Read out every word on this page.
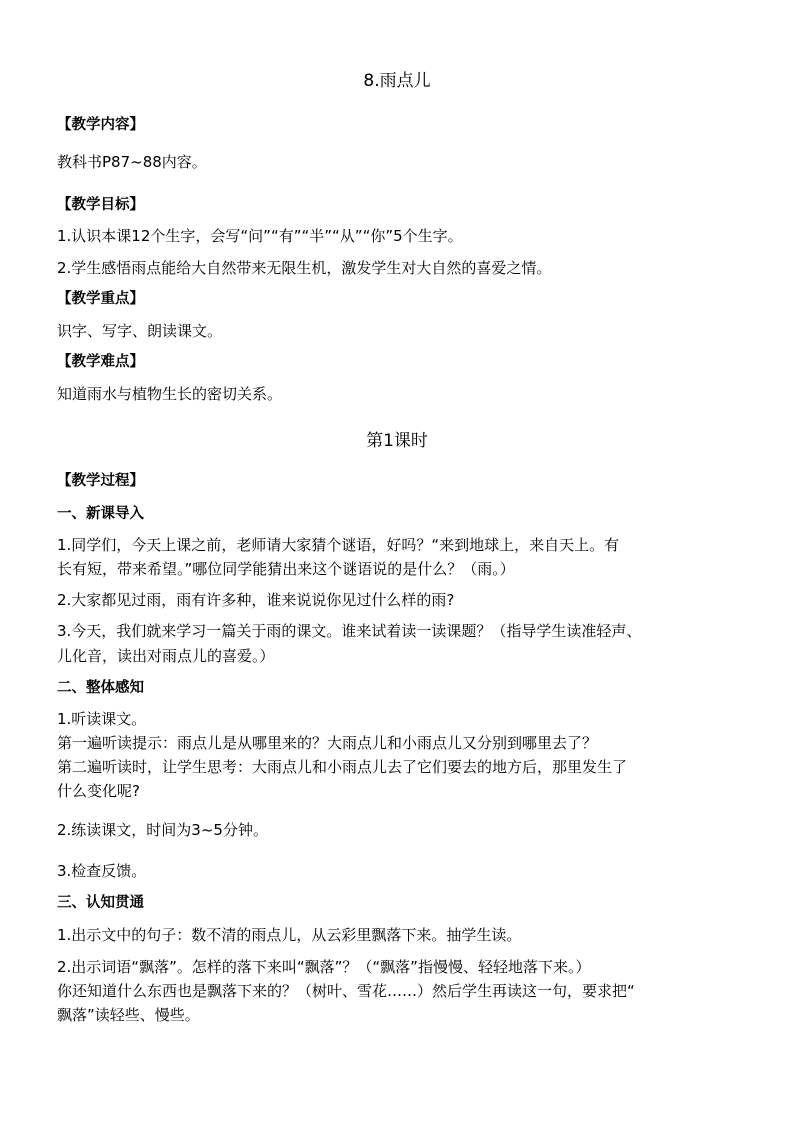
8.雨点儿
【教学内容】
教科书P87~88内容。
【教学目标】
1.认识本课12个生字，会写“问”“有”“半”“从”“你”5个生字。
2.学生感悟雨点能给大自然带来无限生机，激发学生对大自然的喜爱之情。
【教学重点】
识字、写字、朗读课文。
【教学难点】
知道雨水与植物生长的密切关系。
第1课时
【教学过程】
一、新课导入
1.同学们，今天上课之前，老师请大家猜个谜语，好吗？“来到地球上，来自天上。有
长有短，带来希望。”哪位同学能猜出来这个谜语说的是什么？（雨。）
2.大家都见过雨，雨有许多种，谁来说说你见过什么样的雨?
3.今天，我们就来学习一篇关于雨的课文。谁来试着读一读课题？（指导学生读准轻声、
儿化音，读出对雨点儿的喜爱。）
二、整体感知
1.听读课文。
第一遍听读提示：雨点儿是从哪里来的？大雨点儿和小雨点儿又分别到哪里去了？
第二遍听读时，让学生思考：大雨点儿和小雨点儿去了它们要去的地方后，那里发生了
什么变化呢?
2.练读课文，时间为3~5分钟。
3.检查反馈。
三、认知贯通
1.出示文中的句子：数不清的雨点儿，从云彩里飘落下来。抽学生读。
2.出示词语“飘落”。怎样的落下来叫“飘落”？（“飘落”指慢慢、轻轻地落下来。）
你还知道什么东西也是飘落下来的？（树叶、雪花……）然后学生再读这一句，要求把“
飘落”读轻些、慢些。
